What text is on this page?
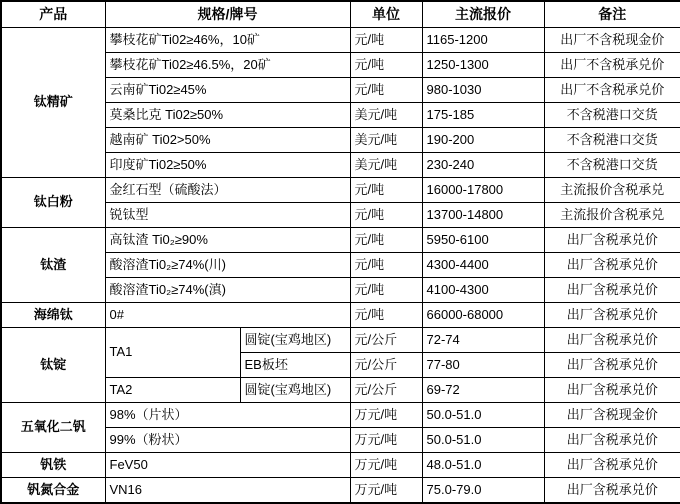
产品	规格/牌号		单位	主流报价	备注
钛精矿	攀枝花矿Ti02≥46%，10矿		元/吨	1165-1200	出厂不含税现金价
	攀枝花矿Ti02≥46.5%，20矿		元/吨	1250-1300	出厂不含税承兑价
	云南矿Ti02≥45%		元/吨	980-1030	出厂不含税承兑价
	莫桑比克 Ti02≥50%		美元/吨	175-185	不含税港口交货
	越南矿 Ti02>50%		美元/吨	190-200	不含税港口交货
	印度矿Ti02≥50%		美元/吨	230-240	不含税港口交货
钛白粉	金红石型（硫酸法）		元/吨	16000-17800	主流报价含税承兑
	锐钛型		元/吨	13700-14800	主流报价含税承兑
钛渣	高钛渣 Ti0₂≥90%		元/吨	5950-6100	出厂含税承兑价
	酸溶渣Ti0₂≥74%(川)		元/吨	4300-4400	出厂含税承兑价
	酸溶渣Ti0₂≥74%(滇)		元/吨	4100-4300	出厂含税承兑价
海绵钛	0#		元/吨	66000-68000	出厂含税承兑价
钛锭	TA1	圆锭(宝鸡地区)	元/公斤	72-74	出厂含税承兑价
		EB板坯	元/公斤	77-80	出厂含税承兑价
	TA2	圆锭(宝鸡地区)	元/公斤	69-72	出厂含税承兑价
五氧化二钒	98%（片状）		万元/吨	50.0-51.0	出厂含税现金价
	99%（粉状）		万元/吨	50.0-51.0	出厂含税承兑价
钒铁	FeV50		万元/吨	48.0-51.0	出厂含税承兑价
钒氮合金	VN16		万元/吨	75.0-79.0	出厂含税承兑价
